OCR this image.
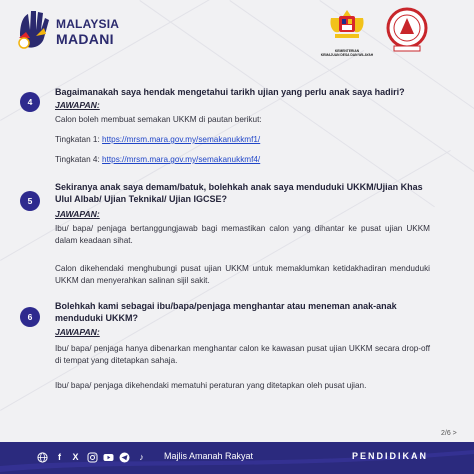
MALAYSIA
MADANI
KEMENTERIAN
KEMAJUAN DESA DAN WILAYAH
4
Bagaimanakah saya hendak mengetahui tarikh ujian yang perlu anak saya hadiri?
JAWAPAN:
Calon boleh membuat semakan UKKM di pautan berikut:
Tingkatan 1: https://mrsm.mara.gov.my/semakanukkmf1/
Tingkatan 4: https://mrsm.mara.gov.my/semakanukkmf4/
5
Sekiranya anak saya demam/batuk, bolehkah anak saya menduduki UKKM/Ujian Khas Ulul Albab/ Ujian Teknikal/ Ujian IGCSE?
JAWAPAN:
Ibu/ bapa/ penjaga bertanggungjawab bagi memastikan calon yang dihantar ke pusat ujian UKKM dalam keadaan sihat.
Calon dikehendaki menghubungi pusat ujian UKKM untuk memaklumkan ketidakhadiran menduduki UKKM dan menyerahkan salinan sijil sakit.
6
Bolehkah kami sebagai ibu/bapa/penjaga menghantar atau meneman anak-anak menduduki UKKM?
JAWAPAN:
Ibu/ bapa/ penjaga hanya dibenarkan menghantar calon ke kawasan pusat ujian UKKM secara drop-off di tempat yang ditetapkan sahaja.
Ibu/ bapa/ penjaga dikehendaki mematuhi peraturan yang ditetapkan oleh pusat ujian.
2/6 >
f	X	♪	Majlis Amanah Rakyat	PENDIDIKAN
